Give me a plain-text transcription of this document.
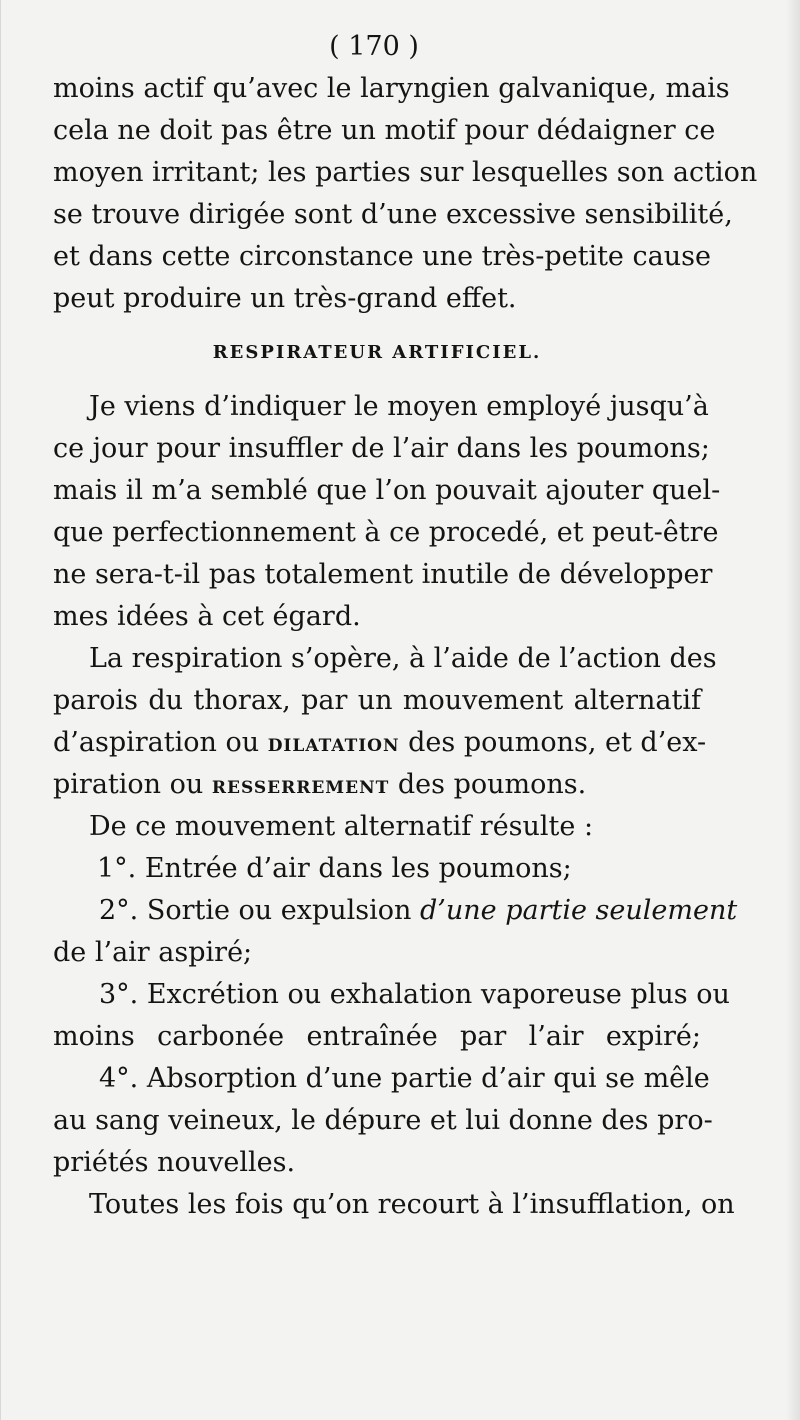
( 170 )
moins actif qu’avec le laryngien galvanique, mais
cela ne doit pas être un motif pour dédaigner ce
moyen irritant; les parties sur lesquelles son action
se trouve dirigée sont d’une excessive sensibilité,
et dans cette circonstance une très-petite cause
peut produire un très-grand effet.
RESPIRATEUR ARTIFICIEL.
Je viens d’indiquer le moyen employé jusqu’à
ce jour pour insuffler de l’air dans les poumons;
mais il m’a semblé que l’on pouvait ajouter quel-
que perfectionnement à ce procedé, et peut-être
ne sera-t-il pas totalement inutile de développer
mes idées à cet égard.
La respiration s’opère, à l’aide de l’action des
parois du thorax, par un mouvement alternatif
d’aspiration ou DILATATION des poumons, et d’ex-
piration ou RESSERREMENT des poumons.
De ce mouvement alternatif résulte :
1°. Entrée d’air dans les poumons;
2°. Sortie ou expulsion d’une partie seulement
de l’air aspiré;
3°. Excrétion ou exhalation vaporeuse plus ou
moins carbonée entraînée par l’air expiré;
4°. Absorption d’une partie d’air qui se mêle
au sang veineux, le dépure et lui donne des pro-
priétés nouvelles.
Toutes les fois qu’on recourt à l’insufflation, on
